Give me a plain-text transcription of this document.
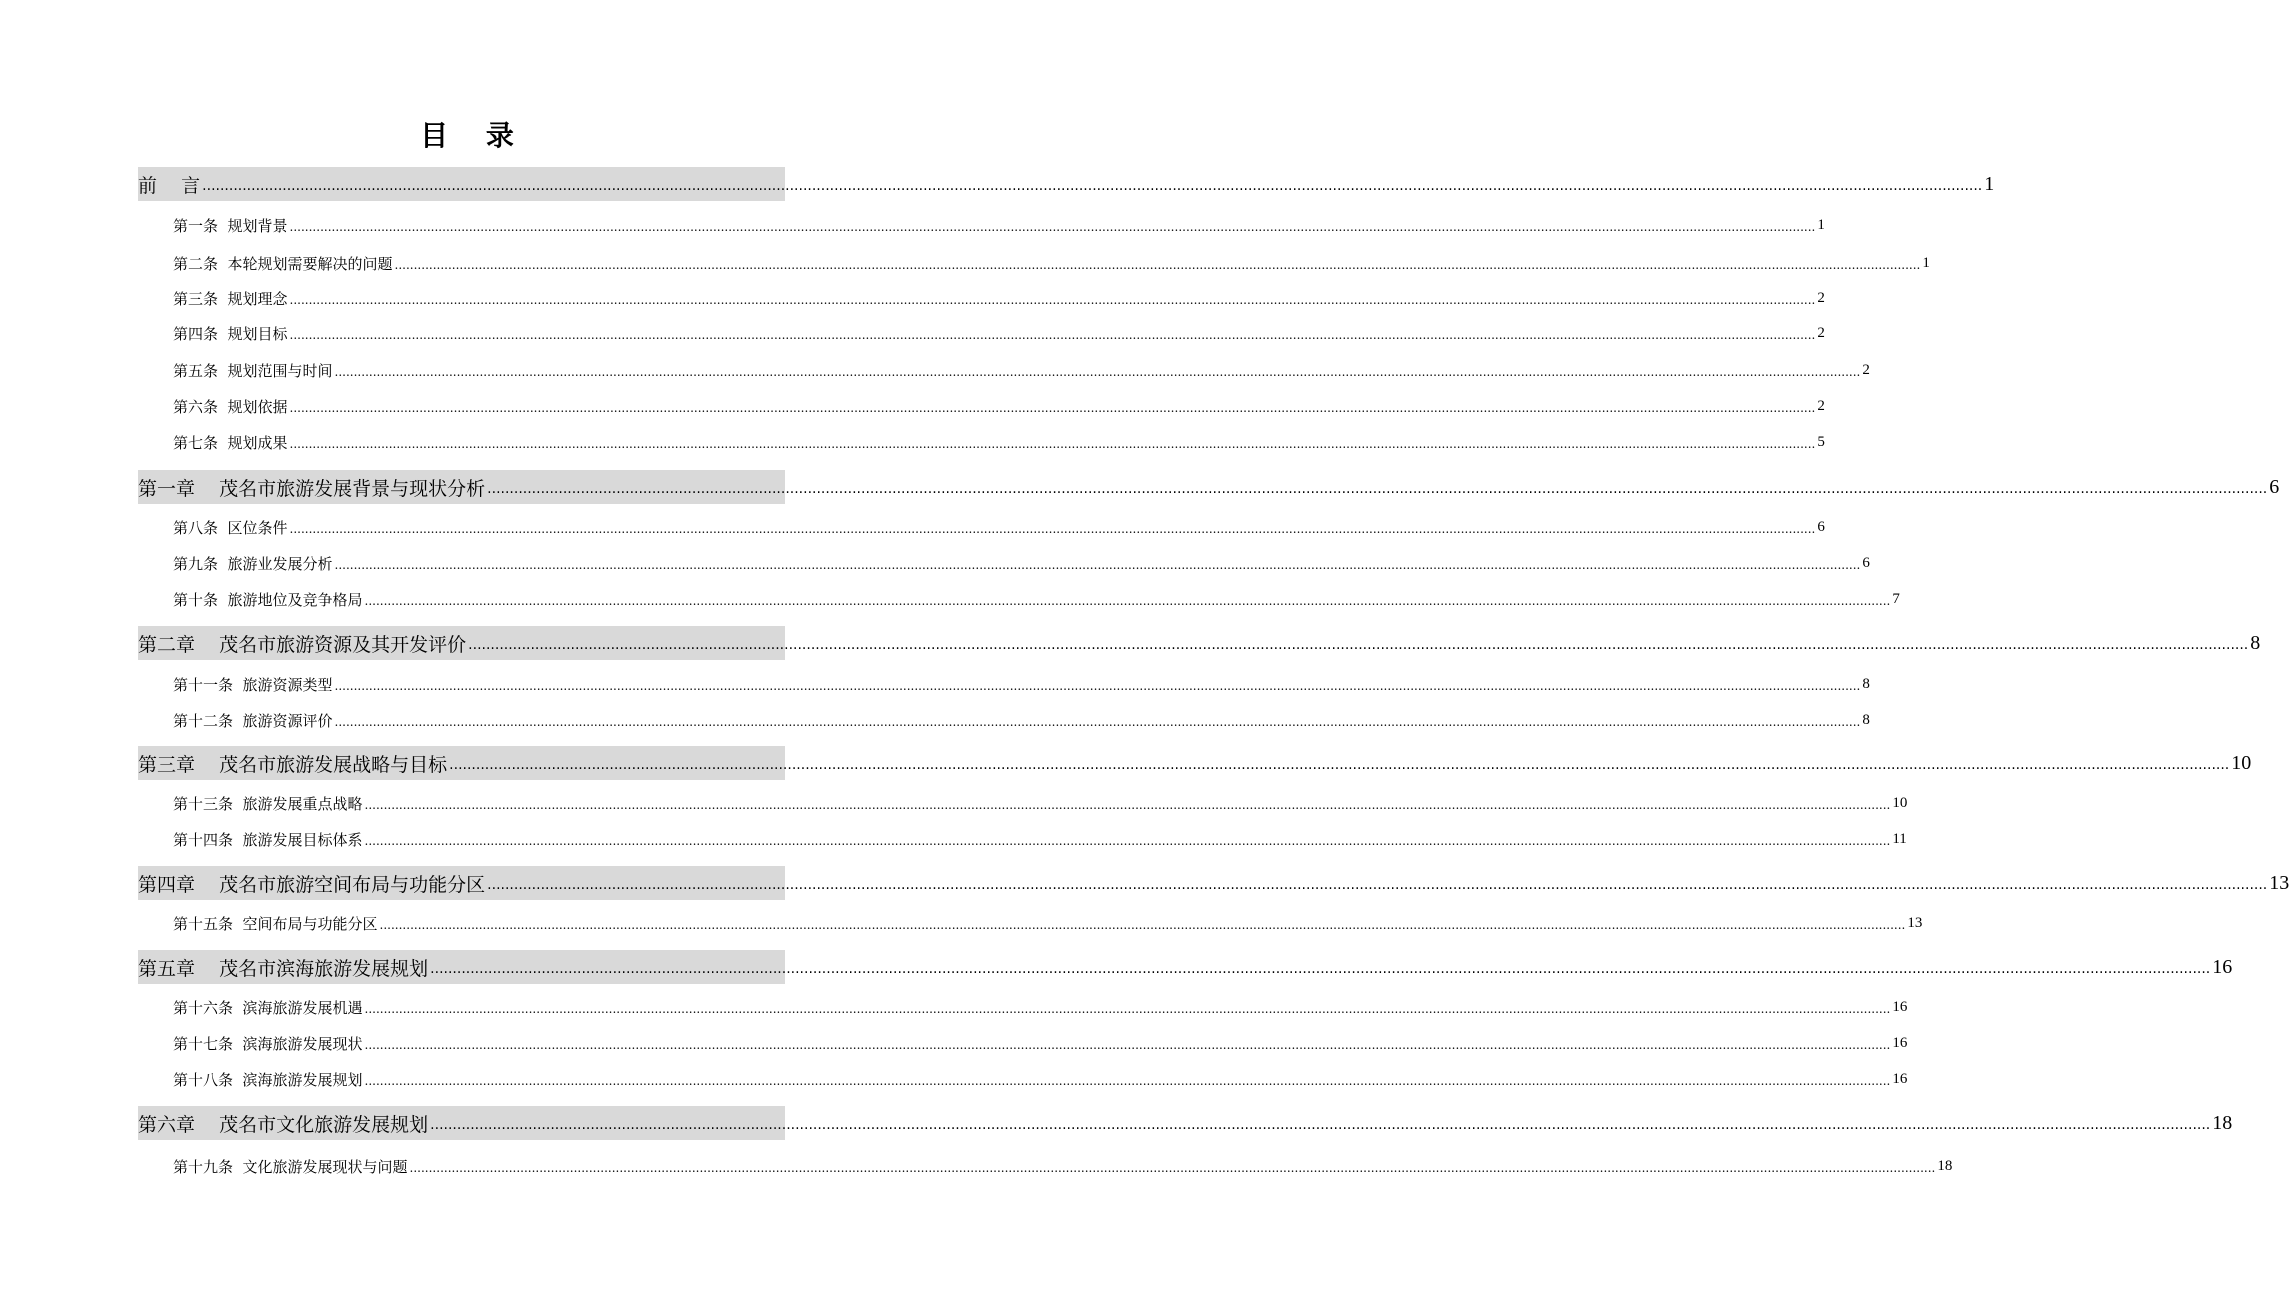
目 录
前    言 ................................................................................................................................................................................................................................................................................................................................................................................................................ 1
第一条  规划背景 ................................................................................................................................................................................................................................................................................................................................................................................................................ 1
第二条  本轮规划需要解决的问题 ................................................................................................................................................................................................................................................................................................................................................................................................................ 1
第三条  规划理念 ................................................................................................................................................................................................................................................................................................................................................................................................................ 2
第四条  规划目标 ................................................................................................................................................................................................................................................................................................................................................................................................................ 2
第五条  规划范围与时间 ................................................................................................................................................................................................................................................................................................................................................................................................................ 2
第六条  规划依据 ................................................................................................................................................................................................................................................................................................................................................................................................................ 2
第七条  规划成果 ................................................................................................................................................................................................................................................................................................................................................................................................................ 5
第一章    茂名市旅游发展背景与现状分析 ................................................................................................................................................................................................................................................................................................................................................................................................................ 6
第八条  区位条件 ................................................................................................................................................................................................................................................................................................................................................................................................................ 6
第九条  旅游业发展分析 ................................................................................................................................................................................................................................................................................................................................................................................................................ 6
第十条  旅游地位及竞争格局 ................................................................................................................................................................................................................................................................................................................................................................................................................ 7
第二章    茂名市旅游资源及其开发评价 ................................................................................................................................................................................................................................................................................................................................................................................................................ 8
第十一条  旅游资源类型 ................................................................................................................................................................................................................................................................................................................................................................................................................ 8
第十二条  旅游资源评价 ................................................................................................................................................................................................................................................................................................................................................................................................................ 8
第三章    茂名市旅游发展战略与目标 ................................................................................................................................................................................................................................................................................................................................................................................................................ 10
第十三条  旅游发展重点战略 ................................................................................................................................................................................................................................................................................................................................................................................................................ 10
第十四条  旅游发展目标体系 ................................................................................................................................................................................................................................................................................................................................................................................................................ 11
第四章    茂名市旅游空间布局与功能分区 ................................................................................................................................................................................................................................................................................................................................................................................................................ 13
第十五条  空间布局与功能分区 ................................................................................................................................................................................................................................................................................................................................................................................................................ 13
第五章    茂名市滨海旅游发展规划 ................................................................................................................................................................................................................................................................................................................................................................................................................ 16
第十六条  滨海旅游发展机遇 ................................................................................................................................................................................................................................................................................................................................................................................................................ 16
第十七条  滨海旅游发展现状 ................................................................................................................................................................................................................................................................................................................................................................................................................ 16
第十八条  滨海旅游发展规划 ................................................................................................................................................................................................................................................................................................................................................................................................................ 16
第六章    茂名市文化旅游发展规划 ................................................................................................................................................................................................................................................................................................................................................................................................................ 18
第十九条  文化旅游发展现状与问题 ................................................................................................................................................................................................................................................................................................................................................................................................................ 18
